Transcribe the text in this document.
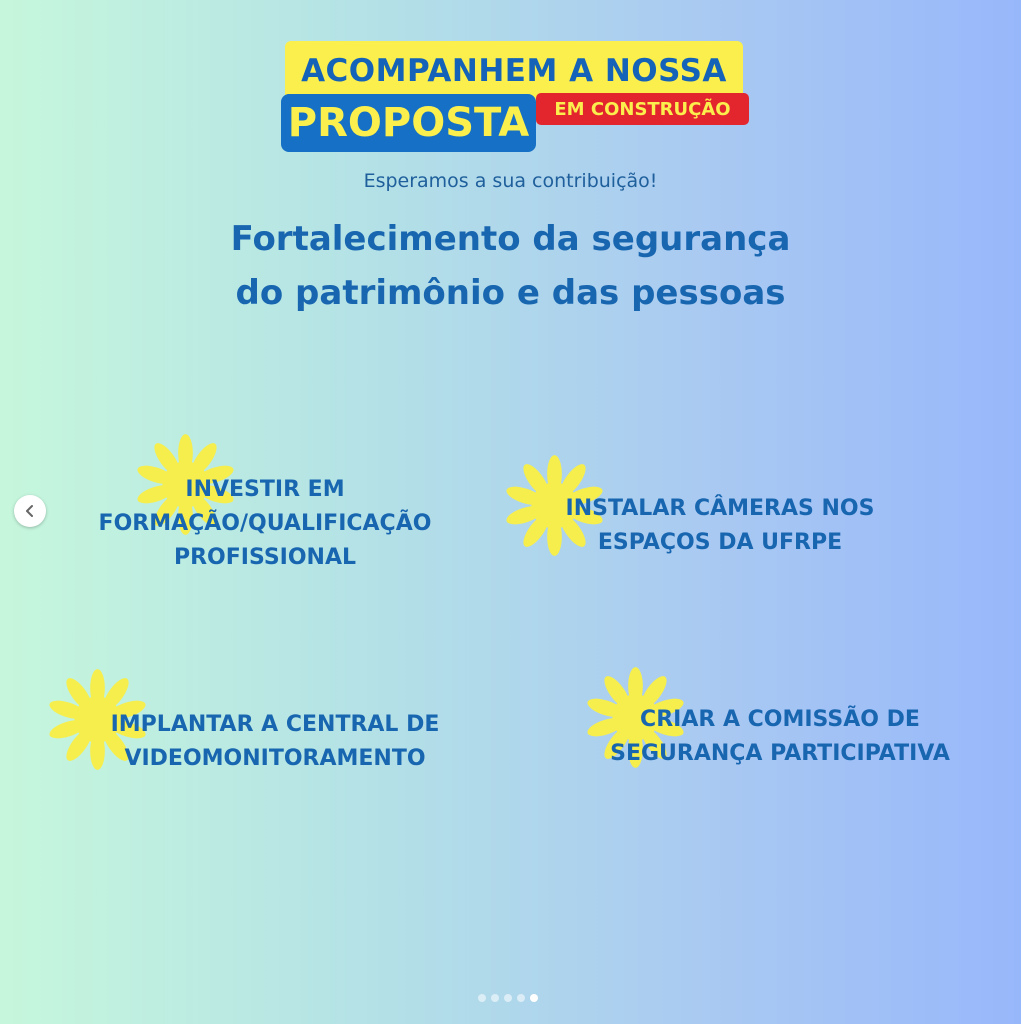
ACOMPANHEM A NOSSA
PROPOSTA	EM CONSTRUÇÃO
Esperamos a sua contribuição!
Fortalecimento da segurança
do patrimônio e das pessoas
INVESTIR EM
FORMAÇÃO/QUALIFICAÇÃO
PROFISSIONAL
INSTALAR CÂMERAS NOS
ESPAÇOS DA UFRPE
IMPLANTAR A CENTRAL DE
VIDEOMONITORAMENTO
CRIAR A COMISSÃO DE
SEGURANÇA PARTICIPATIVA
